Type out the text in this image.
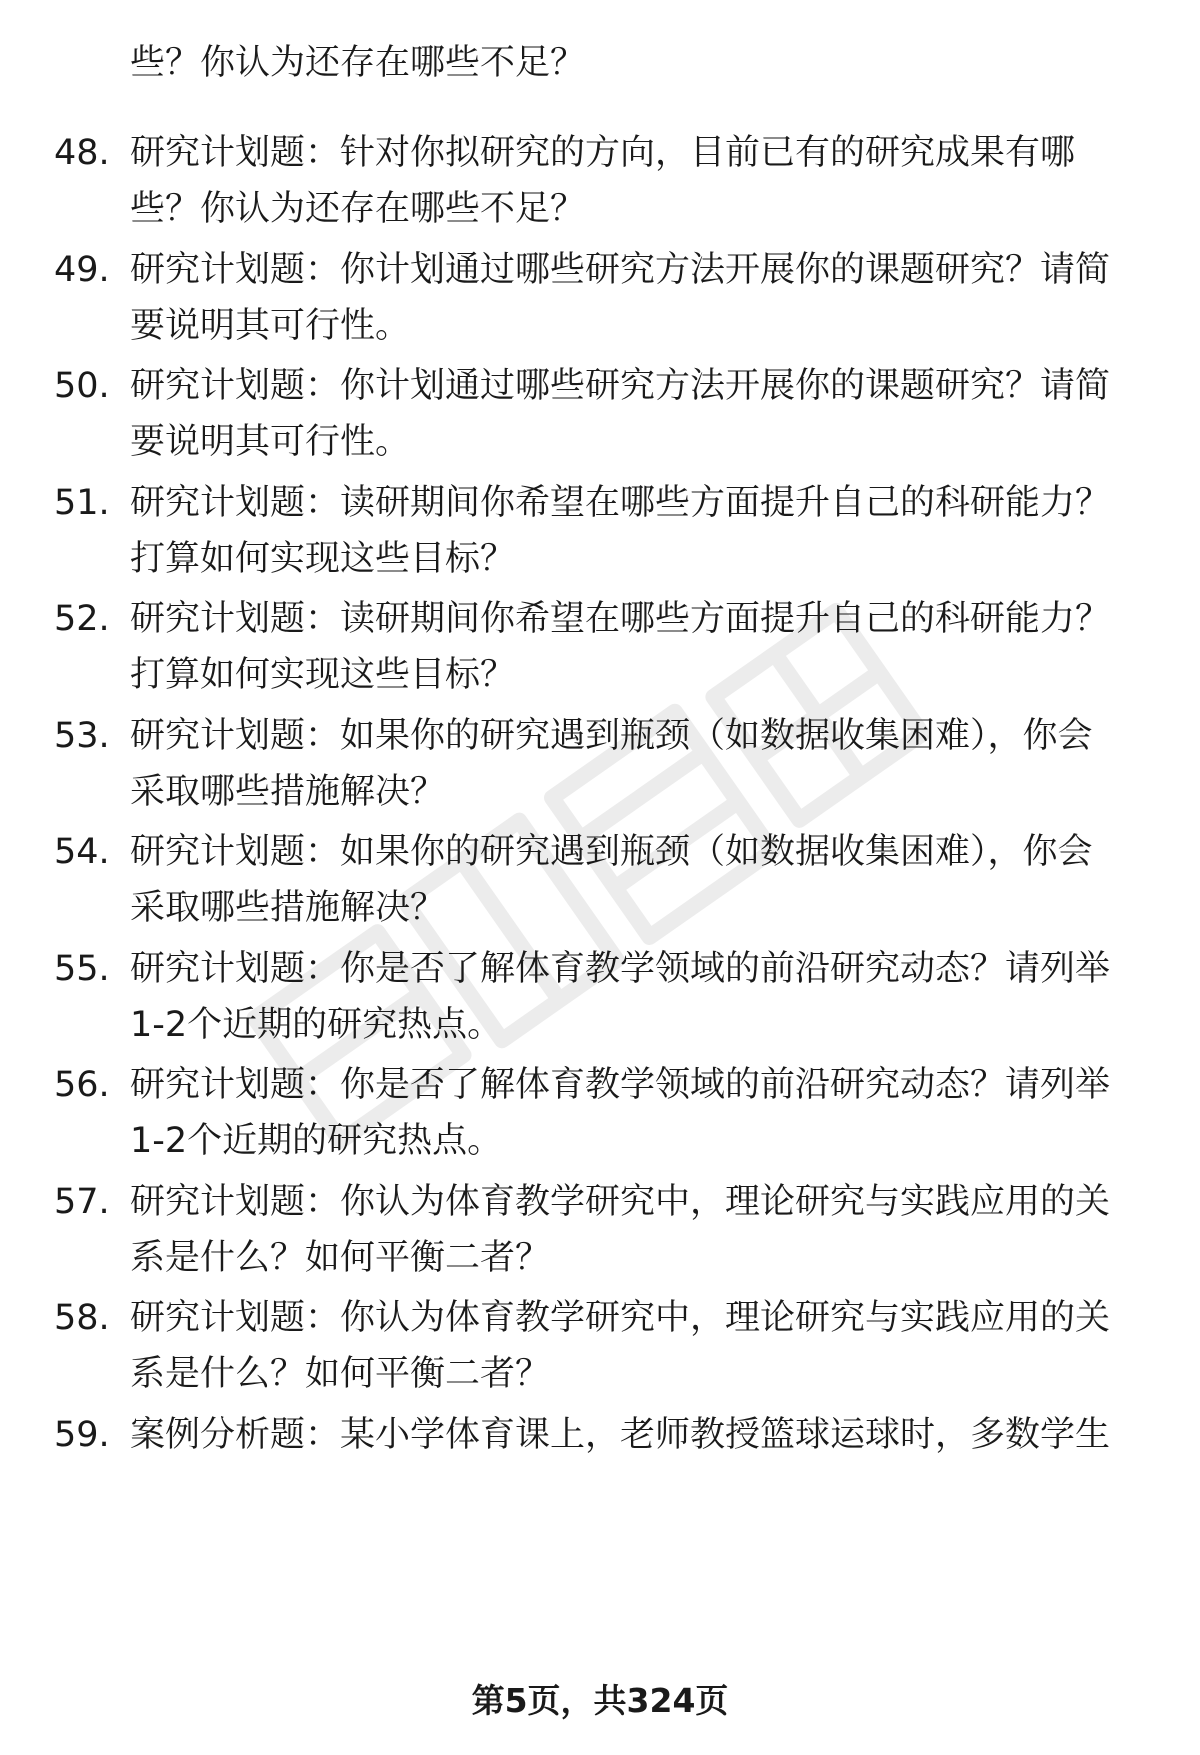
些？你认为还存在哪些不足？
48. 研究计划题：针对你拟研究的方向，目前已有的研究成果有哪
些？你认为还存在哪些不足？
49. 研究计划题：你计划通过哪些研究方法开展你的课题研究？请简
要说明其可行性。
50. 研究计划题：你计划通过哪些研究方法开展你的课题研究？请简
要说明其可行性。
51. 研究计划题：读研期间你希望在哪些方面提升自己的科研能力？
打算如何实现这些目标？
52. 研究计划题：读研期间你希望在哪些方面提升自己的科研能力？
打算如何实现这些目标？
53. 研究计划题：如果你的研究遇到瓶颈（如数据收集困难），你会
采取哪些措施解决？
54. 研究计划题：如果你的研究遇到瓶颈（如数据收集困难），你会
采取哪些措施解决？
55. 研究计划题：你是否了解体育教学领域的前沿研究动态？请列举
1-2个近期的研究热点。
56. 研究计划题：你是否了解体育教学领域的前沿研究动态？请列举
1-2个近期的研究热点。
57. 研究计划题：你认为体育教学研究中，理论研究与实践应用的关
系是什么？如何平衡二者？
58. 研究计划题：你认为体育教学研究中，理论研究与实践应用的关
系是什么？如何平衡二者？
59. 案例分析题：某小学体育课上，老师教授篮球运球时，多数学生
第5页，共324页
